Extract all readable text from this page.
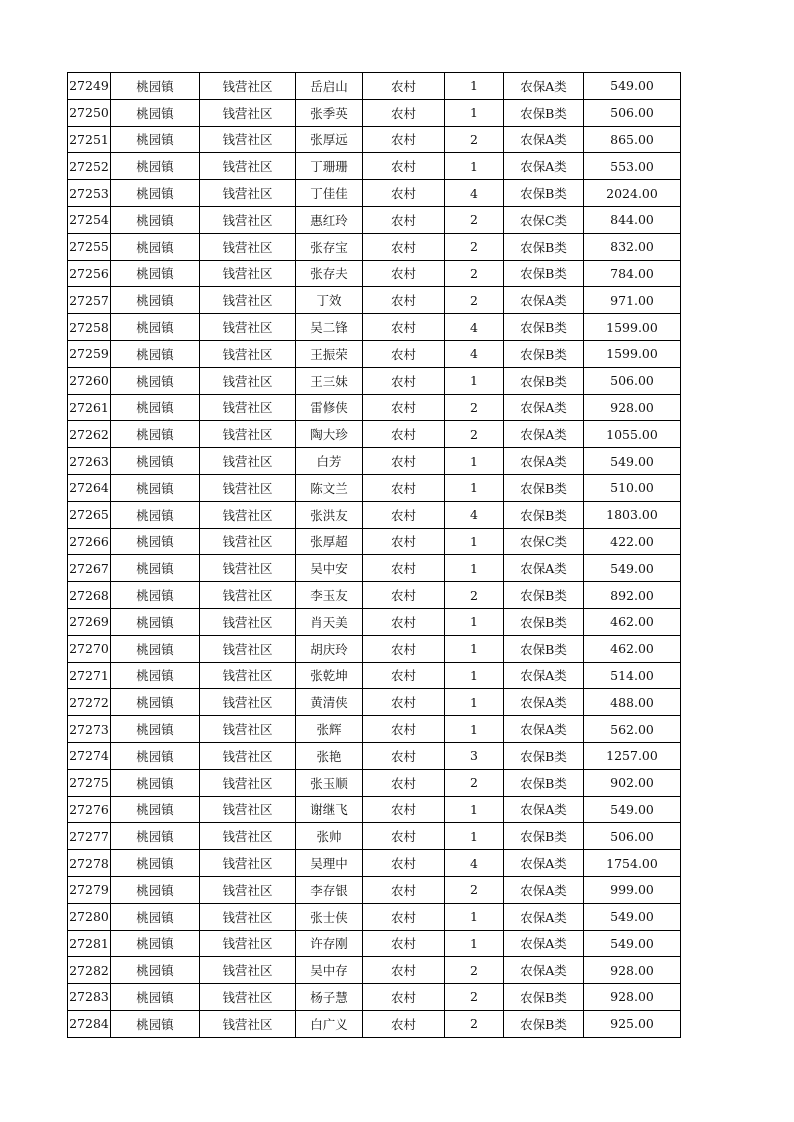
27249	桃园镇	钱营社区	岳启山	农村	1	农保A类	549.00
27250	桃园镇	钱营社区	张季英	农村	1	农保B类	506.00
27251	桃园镇	钱营社区	张厚远	农村	2	农保A类	865.00
27252	桃园镇	钱营社区	丁珊珊	农村	1	农保A类	553.00
27253	桃园镇	钱营社区	丁佳佳	农村	4	农保B类	2024.00
27254	桃园镇	钱营社区	惠红玲	农村	2	农保C类	844.00
27255	桃园镇	钱营社区	张存宝	农村	2	农保B类	832.00
27256	桃园镇	钱营社区	张存夫	农村	2	农保B类	784.00
27257	桃园镇	钱营社区	丁效	农村	2	农保A类	971.00
27258	桃园镇	钱营社区	吴二锋	农村	4	农保B类	1599.00
27259	桃园镇	钱营社区	王振荣	农村	4	农保B类	1599.00
27260	桃园镇	钱营社区	王三妹	农村	1	农保B类	506.00
27261	桃园镇	钱营社区	雷修侠	农村	2	农保A类	928.00
27262	桃园镇	钱营社区	陶大珍	农村	2	农保A类	1055.00
27263	桃园镇	钱营社区	白芳	农村	1	农保A类	549.00
27264	桃园镇	钱营社区	陈文兰	农村	1	农保B类	510.00
27265	桃园镇	钱营社区	张洪友	农村	4	农保B类	1803.00
27266	桃园镇	钱营社区	张厚超	农村	1	农保C类	422.00
27267	桃园镇	钱营社区	吴中安	农村	1	农保A类	549.00
27268	桃园镇	钱营社区	李玉友	农村	2	农保B类	892.00
27269	桃园镇	钱营社区	肖天美	农村	1	农保B类	462.00
27270	桃园镇	钱营社区	胡庆玲	农村	1	农保B类	462.00
27271	桃园镇	钱营社区	张乾坤	农村	1	农保A类	514.00
27272	桃园镇	钱营社区	黄清侠	农村	1	农保A类	488.00
27273	桃园镇	钱营社区	张辉	农村	1	农保A类	562.00
27274	桃园镇	钱营社区	张艳	农村	3	农保B类	1257.00
27275	桃园镇	钱营社区	张玉顺	农村	2	农保B类	902.00
27276	桃园镇	钱营社区	谢继飞	农村	1	农保A类	549.00
27277	桃园镇	钱营社区	张帅	农村	1	农保B类	506.00
27278	桃园镇	钱营社区	吴理中	农村	4	农保A类	1754.00
27279	桃园镇	钱营社区	李存银	农村	2	农保A类	999.00
27280	桃园镇	钱营社区	张士侠	农村	1	农保A类	549.00
27281	桃园镇	钱营社区	许存刚	农村	1	农保A类	549.00
27282	桃园镇	钱营社区	吴中存	农村	2	农保A类	928.00
27283	桃园镇	钱营社区	杨子慧	农村	2	农保B类	928.00
27284	桃园镇	钱营社区	白广义	农村	2	农保B类	925.00
